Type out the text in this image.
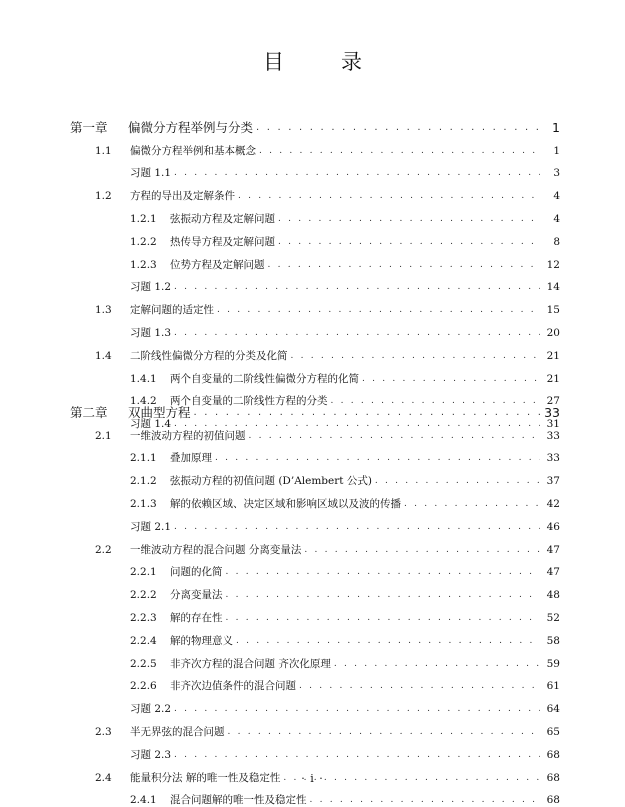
目　录
第一章	偏微分方程举例与分类 . . .	1
1.1	偏微分方程举例和基本概念 . . .	1
习题 1.1 . . .	3
1.2	方程的导出及定解条件 . . .	4
1.2.1	弦振动方程及定解问题 . . .	4
1.2.2	热传导方程及定解问题 . . .	8
1.2.3	位势方程及定解问题 . . .	12
习题 1.2 . . .	14
1.3	定解问题的适定性 . . .	15
习题 1.3 . . .	20
1.4	二阶线性偏微分方程的分类及化简 . . .	21
1.4.1	两个自变量的二阶线性偏微分方程的化简 . . .	21
1.4.2	两个自变量的二阶线性方程的分类 . . .	27
习题 1.4 . . .	31
第二章	双曲型方程 . . .	33
2.1	一维波动方程的初值问题 . . .	33
2.1.1	叠加原理 . . .	33
2.1.2	弦振动方程的初值问题 (D’Alembert 公式) . . .	37
2.1.3	解的依赖区域、决定区域和影响区域以及波的传播 . . .	42
习题 2.1 . . .	46
2.2	一维波动方程的混合问题 分离变量法 . . .	47
2.2.1	问题的化简 . . .	47
2.2.2	分离变量法 . . .	48
2.2.3	解的存在性 . . .	52
2.2.4	解的物理意义 . . .	58
2.2.5	非齐次方程的混合问题 齐次化原理 . . .	59
2.2.6	非齐次边值条件的混合问题 . . .	61
习题 2.2 . . .	64
2.3	半无界弦的混合问题 . . .	65
习题 2.3 . . .	68
2.4	能量积分法 解的唯一性及稳定性 . . .	68
2.4.1	混合问题解的唯一性及稳定性 . . .	68
· i ·
